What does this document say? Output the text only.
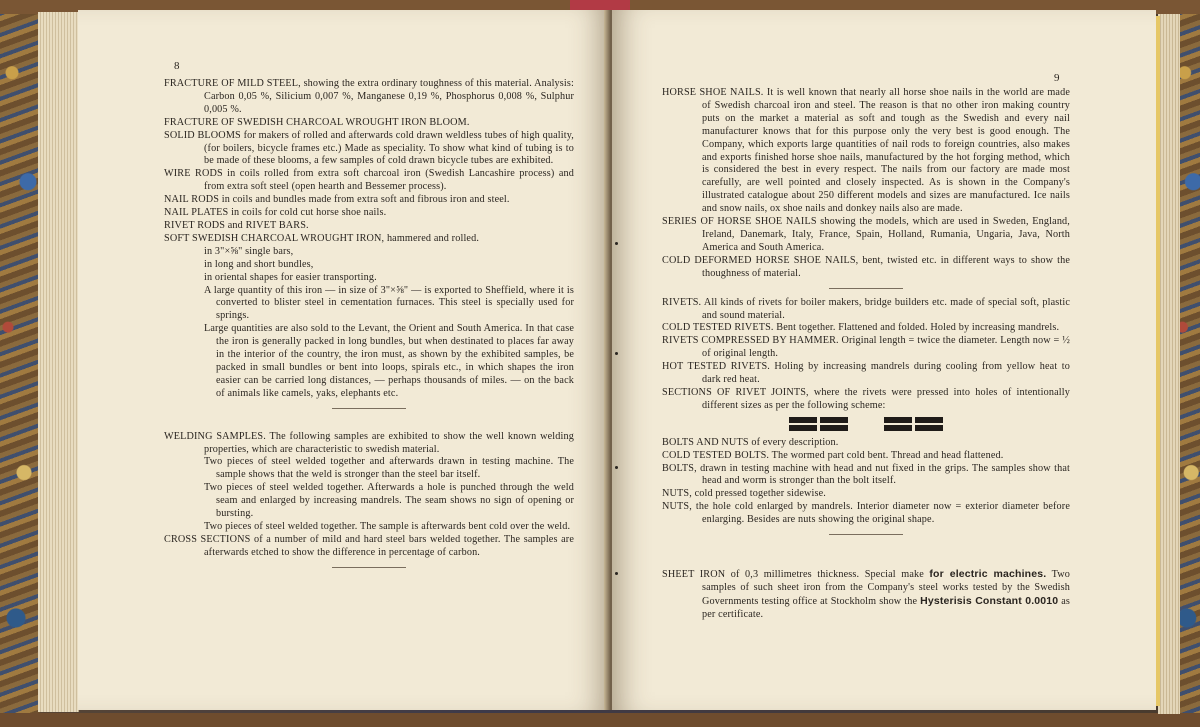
8

FRACTURE OF MILD STEEL, showing the extra ordinary toughness of this material. Analysis: Carbon 0,05 %, Silicium 0,007 %, Manganese 0,19 %, Phosphorus 0,008 %, Sulphur 0,005 %.

FRACTURE OF SWEDISH CHARCOAL WROUGHT IRON BLOOM.

SOLID BLOOMS for makers of rolled and afterwards cold drawn weldless tubes of high quality, (for boilers, bicycle frames etc.) Made as speciality. To show what kind of tubing is to be made of these blooms, a few samples of cold drawn bicycle tubes are exhibited.

WIRE RODS in coils rolled from extra soft charcoal iron (Swedish Lancashire process) and from extra soft steel (open hearth and Bessemer process).

NAIL RODS in coils and bundles made from extra soft and fibrous iron and steel.

NAIL PLATES in coils for cold cut horse shoe nails.

RIVET RODS and RIVET BARS.

SOFT SWEDISH CHARCOAL WROUGHT IRON, hammered and rolled.

in 3"×⅝" single bars,

in long and short bundles,

in oriental shapes for easier transporting.

A large quantity of this iron — in size of 3"×⅝" — is exported to Sheffield, where it is converted to blister steel in cementation furnaces. This steel is specially used for springs.

Large quantities are also sold to the Levant, the Orient and South America. In that case the iron is generally packed in long bundles, but when destinated to places far away in the interior of the country, the iron must, as shown by the exhibited samples, be packed in small bundles or bent into loops, spirals etc., in which shapes the iron easier can be carried long distances, — perhaps thousands of miles. — on the back of animals like camels, yaks, elephants etc.

WELDING SAMPLES. The following samples are exhibited to show the well known welding properties, which are characteristic to swedish material.

Two pieces of steel welded together and afterwards drawn in testing machine. The sample shows that the weld is stronger than the steel bar itself.

Two pieces of steel welded together. Afterwards a hole is punched through the weld seam and enlarged by increasing mandrels. The seam shows no sign of opening or bursting.

Two pieces of steel welded together. The sample is afterwards bent cold over the weld.

CROSS SECTIONS of a number of mild and hard steel bars welded together. The samples are afterwards etched to show the difference in percentage of carbon.

9

HORSE SHOE NAILS. It is well known that nearly all horse shoe nails in the world are made of Swedish charcoal iron and steel. The reason is that no other iron making country puts on the market a material as soft and tough as the Swedish and every nail manufacturer knows that for this purpose only the very best is good enough. The Company, which exports large quantities of nail rods to foreign countries, also makes and exports finished horse shoe nails, manufactured by the hot forging method, which is considered the best in every respect. The nails from our factory are made most carefully, are well pointed and closely inspected. As is shown in the Company's illustrated catalogue about 250 different models and sizes are manufactured. Ice nails and snow nails, ox shoe nails and donkey nails also are made.

SERIES OF HORSE SHOE NAILS showing the models, which are used in Sweden, England, Ireland, Danemark, Italy, France, Spain, Holland, Rumania, Ungaria, Java, North America and South America.

COLD DEFORMED HORSE SHOE NAILS, bent, twisted etc. in different ways to show the thoughness of material.

RIVETS. All kinds of rivets for boiler makers, bridge builders etc. made of special soft, plastic and sound material.

COLD TESTED RIVETS. Bent together. Flattened and folded. Holed by increasing mandrels.

RIVETS COMPRESSED BY HAMMER. Original length = twice the diameter. Length now = ½ of original length.

HOT TESTED RIVETS. Holing by increasing mandrels during cooling from yellow heat to dark red heat.

SECTIONS OF RIVET JOINTS, where the rivets were pressed into holes of intentionally different sizes as per the following scheme:

BOLTS AND NUTS of every description.

COLD TESTED BOLTS. The wormed part cold bent. Thread and head flattened.

BOLTS, drawn in testing machine with head and nut fixed in the grips. The samples show that head and worm is stronger than the bolt itself.

NUTS, cold pressed together sidewise.

NUTS, the hole cold enlarged by mandrels. Interior diameter now = exterior diameter before enlarging. Besides are nuts showing the original shape.

SHEET IRON of 0,3 millimetres thickness. Special make for electric machines. Two samples of such sheet iron from the Company's steel works tested by the Swedish Governments testing office at Stockholm show the Hysterisis Constant 0.0010 as per certificate.
